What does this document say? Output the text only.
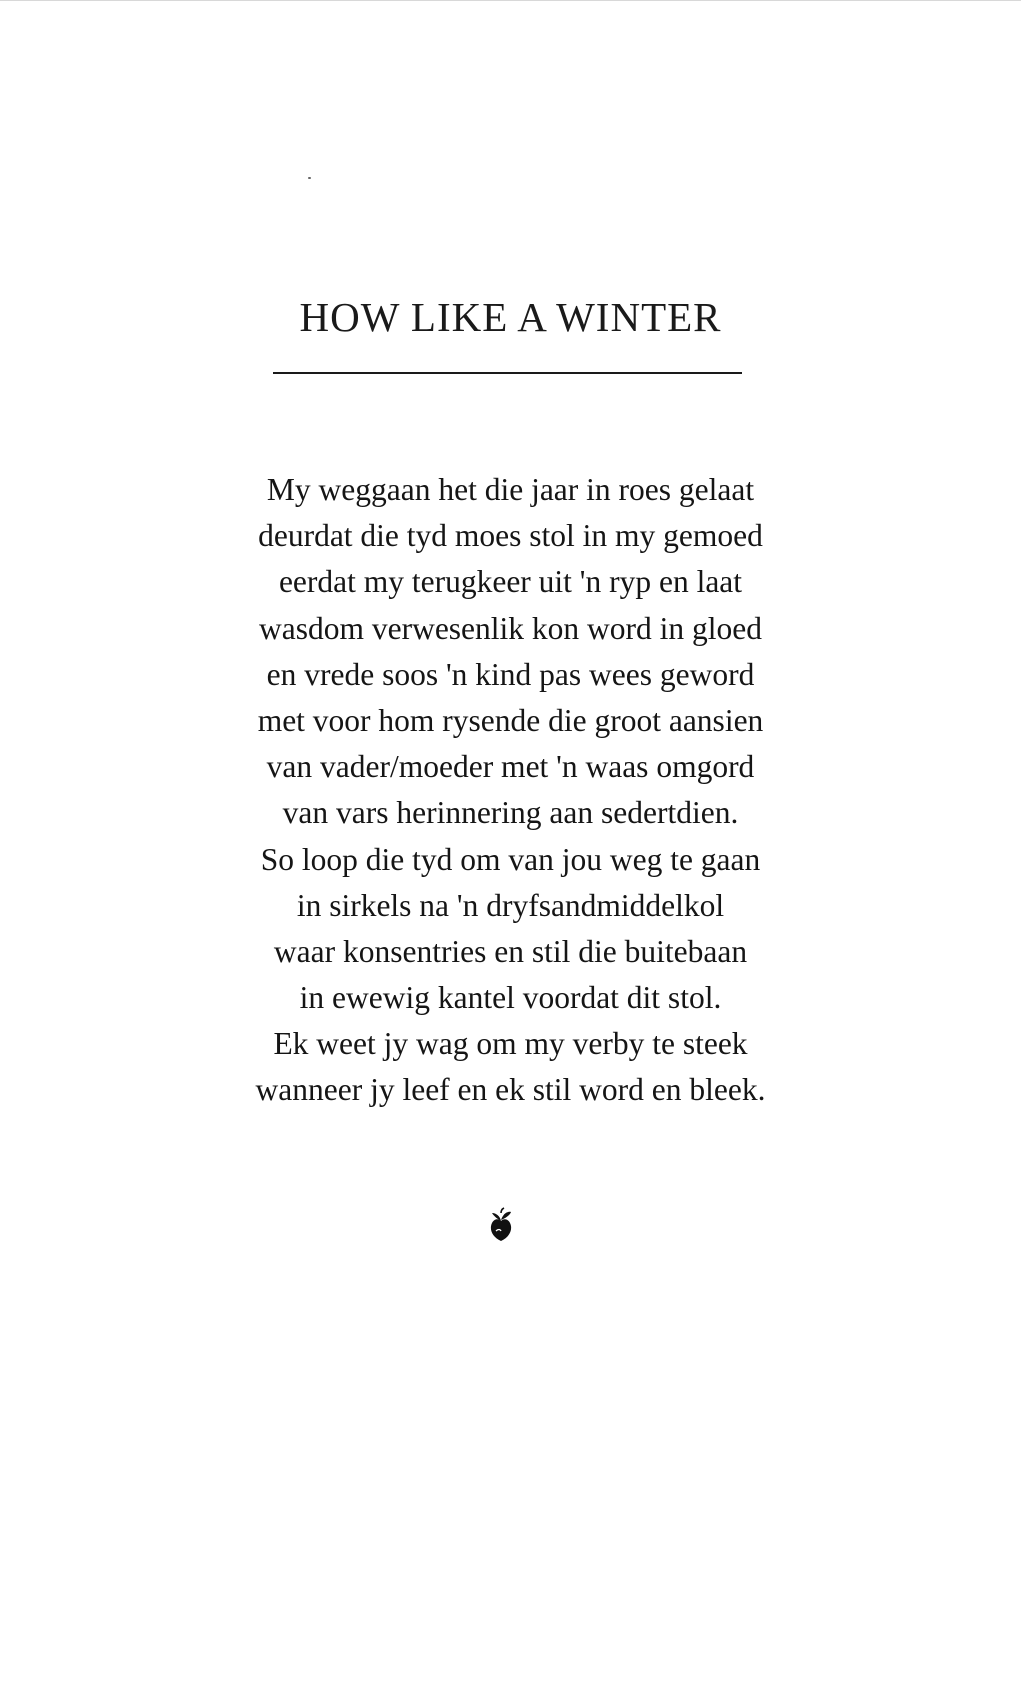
HOW LIKE A WINTER
My weggaan het die jaar in roes gelaat
deurdat die tyd moes stol in my gemoed
eerdat my terugkeer uit 'n ryp en laat
wasdom verwesenlik kon word in gloed
en vrede soos 'n kind pas wees geword
met voor hom rysende die groot aansien
van vader/moeder met 'n waas omgord
van vars herinnering aan sedertdien.
So loop die tyd om van jou weg te gaan
in sirkels na 'n dryfsandmiddelkol
waar konsentries en stil die buitebaan
in ewewig kantel voordat dit stol.
Ek weet jy wag om my verby te steek
wanneer jy leef en ek stil word en bleek.
